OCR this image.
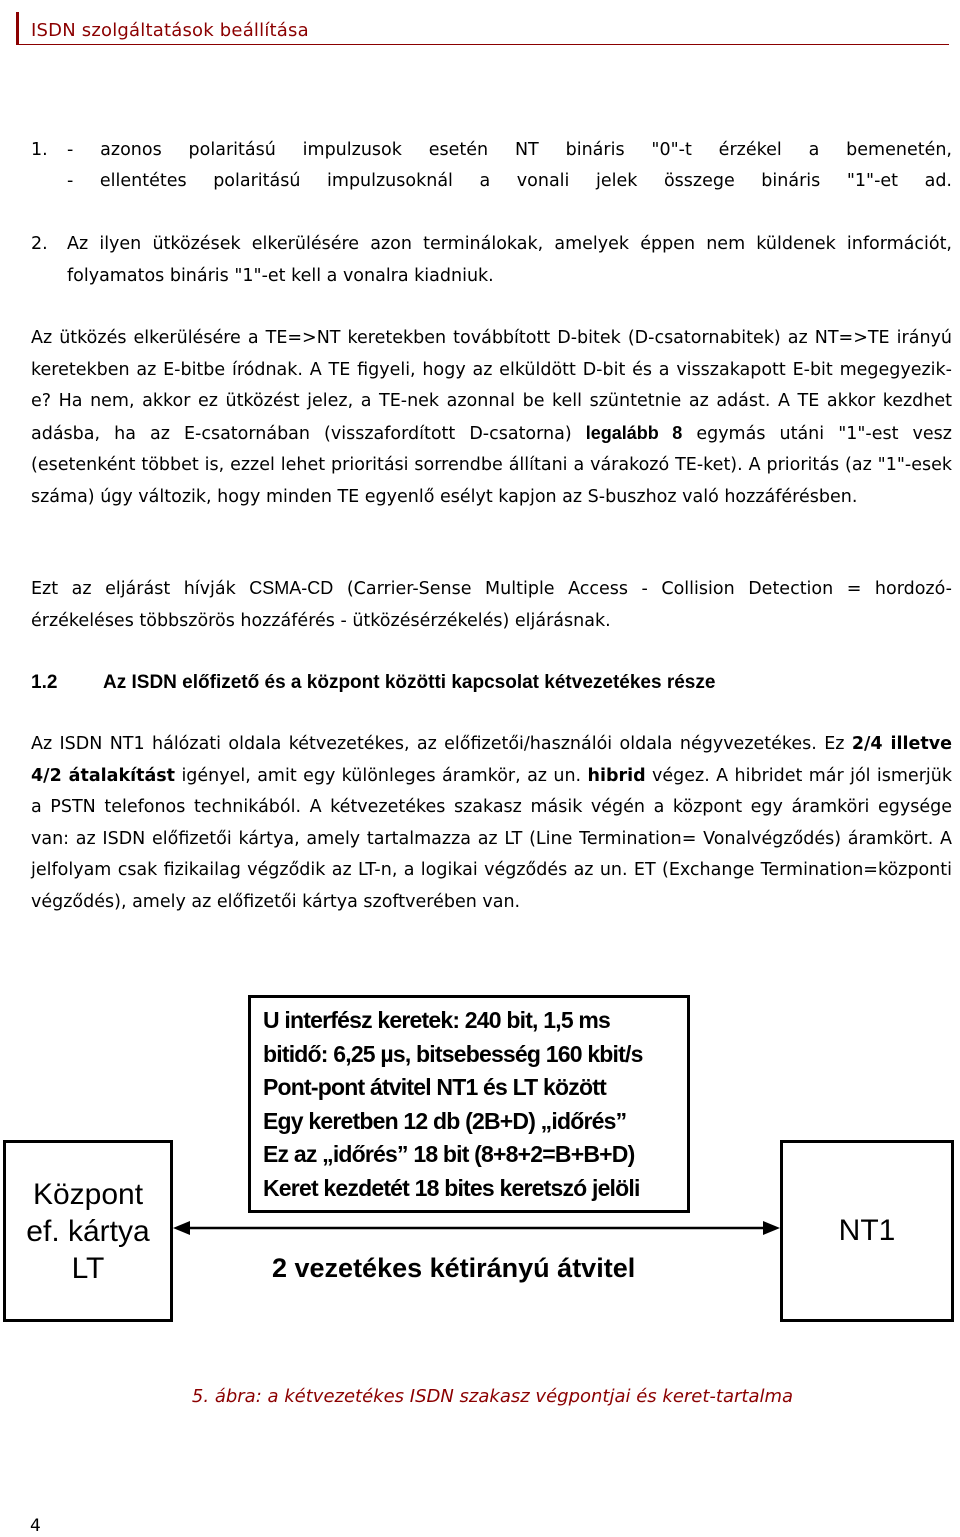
ISDN szolgáltatások beállítása
1. - azonos polaritású impulzusok esetén NT bináris "0"-t érzékel a bemenetén,

- ellentétes polaritású impulzusoknál a vonali jelek összege bináris "1"-et ad.

2. Az ilyen ütközések elkerülésére azon terminálokak, amelyek éppen nem küldenek információt, folyamatos bináris "1"-et kell a vonalra kiadniuk.

Az ütközés elkerülésére a TE=>NT keretekben továbbított D-bitek (D-csatornabitek) az NT=>TE irányú keretekben az E-bitbe íródnak. A TE figyeli, hogy az elküldött D-bit és a visszakapott E-bit megegyezik-e? Ha nem, akkor ez ütközést jelez, a TE-nek azonnal be kell szüntetnie az adást. A TE akkor kezdhet adásba, ha az E-csatornában (visszafordított D-csatorna) legalább 8 egymás utáni "1"-est vesz (esetenként többet is, ezzel lehet prioritási sorrendbe állítani a várakozó TE-ket). A prioritás (az "1"-esek száma) úgy változik, hogy minden TE egyenlő esélyt kapjon az S-buszhoz való hozzáférésben.

Ezt az eljárást hívják CSMA-CD (Carrier-Sense Multiple Access - Collision Detection = hordozó-érzékeléses többszörös hozzáférés - ütközésérzékelés) eljárásnak.

1.2 Az ISDN előfizető és a központ közötti kapcsolat kétvezetékes része

Az ISDN NT1 hálózati oldala kétvezetékes, az előfizetői/használói oldala négyvezetékes. Ez 2/4 illetve 4/2 átalakítást igényel, amit egy különleges áramkör, az un. hibrid végez. A hibridet már jól ismerjük a PSTN telefonos technikából. A kétvezetékes szakasz másik végén a központ egy áramköri egysége van: az ISDN előfizetői kártya, amely tartalmazza az LT (Line Termination= Vonalvégződés) áramkört. A jelfolyam csak fizikailag végződik az LT-n, a logikai végződés az un. ET (Exchange Termination=központi végződés), amely az előfizetői kártya szoftverében van.

U interfész keretek: 240 bit, 1,5 ms
bitidő: 6,25 µs, bitsebesség 160 kbit/s
Pont-pont átvitel NT1 és LT között
Egy keretben 12 db (2B+D) „időrés”
Ez az „időrés” 18 bit (8+8+2=B+B+D)
Keret kezdetét 18 bites keretszó jelöli
Központ
ef. kártya
LT
NT1
2 vezetékes kétirányú átvitel
5. ábra: a kétvezetékes ISDN szakasz végpontjai és keret-tartalma
4
